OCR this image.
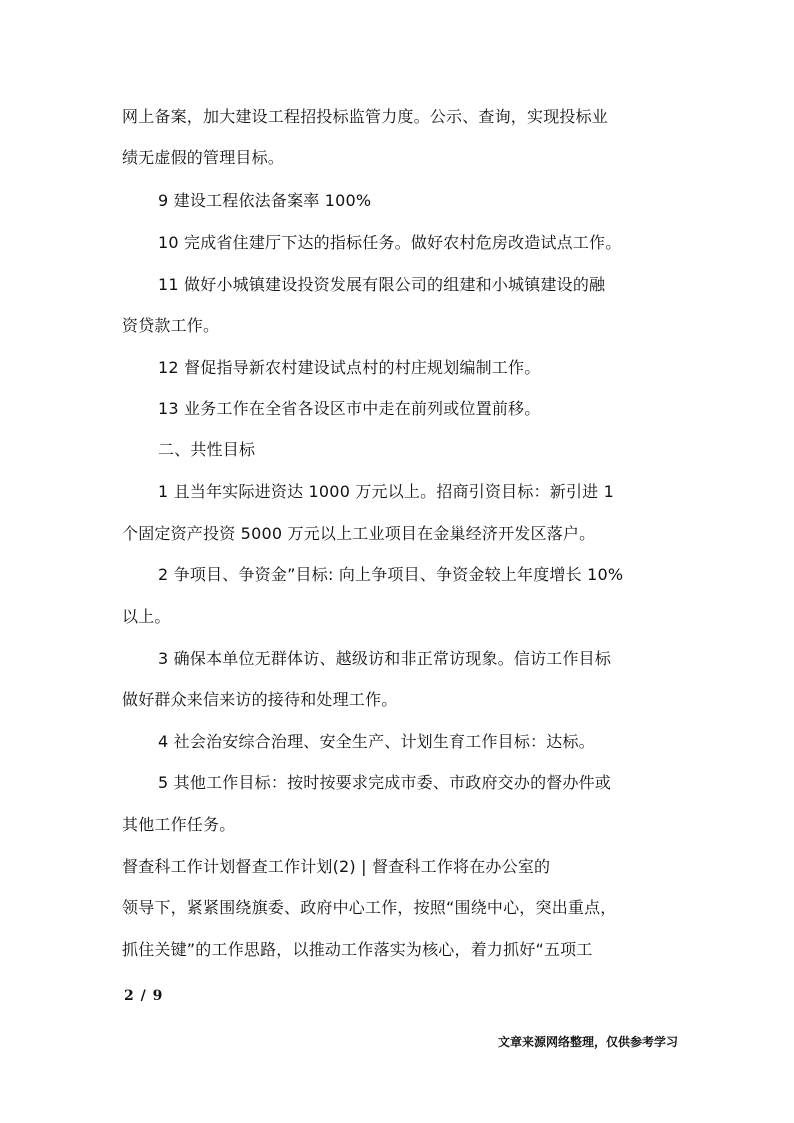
网上备案，加大建设工程招投标监管力度。公示、查询，实现投标业
绩无虚假的管理目标。
9 建设工程依法备案率 100%
10 完成省住建厅下达的指标任务。做好农村危房改造试点工作。
11 做好小城镇建设投资发展有限公司的组建和小城镇建设的融
资贷款工作。
12 督促指导新农村建设试点村的村庄规划编制工作。
13 业务工作在全省各设区市中走在前列或位置前移。
二、共性目标
1 且当年实际进资达 1000 万元以上。招商引资目标：新引进 1
个固定资产投资 5000 万元以上工业项目在金巢经济开发区落户。
2 争项目、争资金”目标: 向上争项目、争资金较上年度增长 10%
以上。
3 确保本单位无群体访、越级访和非正常访现象。信访工作目标
做好群众来信来访的接待和处理工作。
4 社会治安综合治理、安全生产、计划生育工作目标：达标。
5 其他工作目标：按时按要求完成市委、市政府交办的督办件或
其他工作任务。
督查科工作计划督查工作计划(2) | 督查科工作将在办公室的
领导下，紧紧围绕旗委、政府中心工作，按照“围绕中心，突出重点，
抓住关键”的工作思路，以推动工作落实为核心，着力抓好“五项工
2 / 9
文章来源网络整理，仅供参考学习
